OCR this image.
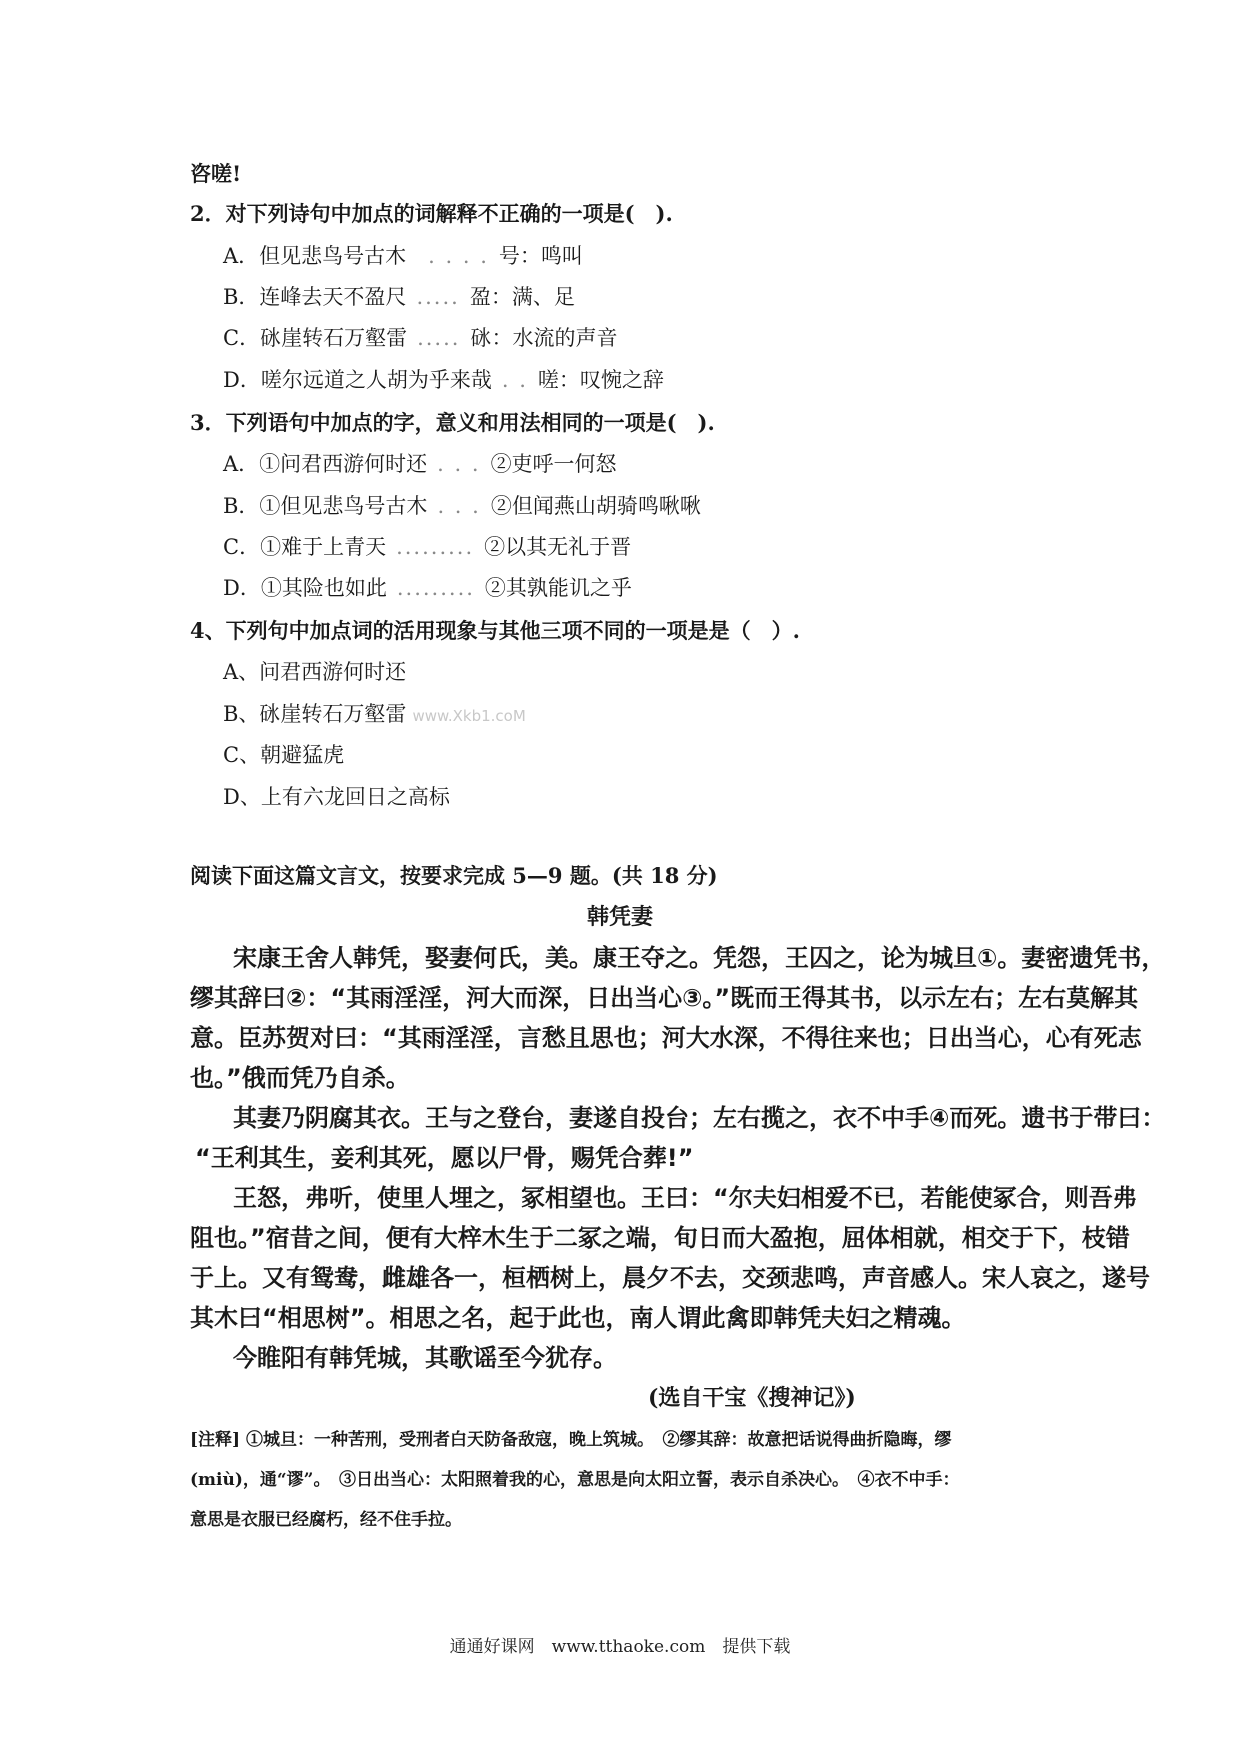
咨嗟!
2．对下列诗句中加点的词解释不正确的一项是(　).
A．但见悲鸟号古木 . . . . 号：鸣叫
B．连峰去天不盈尺 ..... 盈：满、足
C．砯崖转石万壑雷 ..... 砯：水流的声音
D．嗟尔远道之人胡为乎来哉 . . 嗟：叹惋之辞
3．下列语句中加点的字，意义和用法相同的一项是(　).
A．①问君西游何时还 . . . ②吏呼一何怒
B．①但见悲鸟号古木 . . . ②但闻燕山胡骑鸣啾啾
C．①难于上青天 ......... ②以其无礼于晋
D．①其险也如此 ......... ②其孰能讥之乎
4、下列句中加点词的活用现象与其他三项不同的一项是是（　）.
A、问君西游何时还
B、砯崖转石万壑雷 www.Xkb1.coM
C、朝避猛虎
D、上有六龙回日之高标
阅读下面这篇文言文，按要求完成 5—9 题。(共 18 分)
韩凭妻
宋康王舍人韩凭，娶妻何氏，美。康王夺之。凭怨，王囚之，论为城旦①。妻密遗凭书，
缪其辞曰②：“其雨淫淫，河大而深，日出当心③。”既而王得其书，以示左右；左右莫解其
意。臣苏贺对曰：“其雨淫淫，言愁且思也；河大水深，不得往来也；日出当心，心有死志
也。”俄而凭乃自杀。
其妻乃阴腐其衣。王与之登台，妻遂自投台；左右揽之，衣不中手④而死。遗书于带曰：
“王利其生，妾利其死，愿以尸骨，赐凭合葬!”
王怒，弗听，使里人埋之，冢相望也。王曰：“尔夫妇相爱不已，若能使冢合，则吾弗
阻也。”宿昔之间，便有大梓木生于二冢之端，旬日而大盈抱，屈体相就，相交于下，枝错
于上。又有鸳鸯，雌雄各一，桓栖树上，晨夕不去，交颈悲鸣，声音感人。宋人哀之，遂号
其木曰“相思树”。相思之名，起于此也，南人谓此禽即韩凭夫妇之精魂。
今睢阳有韩凭城，其歌谣至今犹存。
(选自干宝《搜神记》)
[注释] ①城旦：一种苦刑，受刑者白天防备敌寇，晚上筑城。　②缪其辞：故意把话说得曲折隐晦，缪
(miù)，通“谬”。　③日出当心：太阳照着我的心，意思是向太阳立誓，表示自杀决心。　④衣不中手：
意思是衣服已经腐朽，经不住手拉。
通通好课网　www.tthaoke.com　提供下载
